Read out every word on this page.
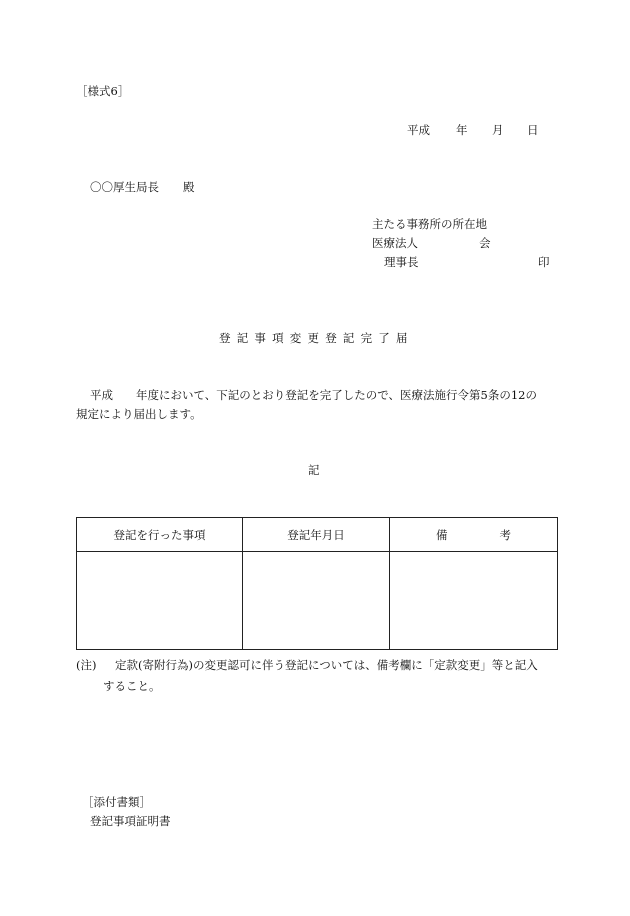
［様式6］
平成 年 月 日
〇〇厚生局長 殿
主たる事務所の所在地
医療法人	会
理事長	印
登記事項変更登記完了届
平成　　年度において、下記のとおり登記を完了したので、医療法施行令第5条の12の
規定により届出します。
記
登記を行った事項	登記年月日	備 考

(注) 定款(寄附行為)の変更認可に伴う登記については、備考欄に「定款変更」等と記入
すること。
［添付書類］
登記事項証明書
